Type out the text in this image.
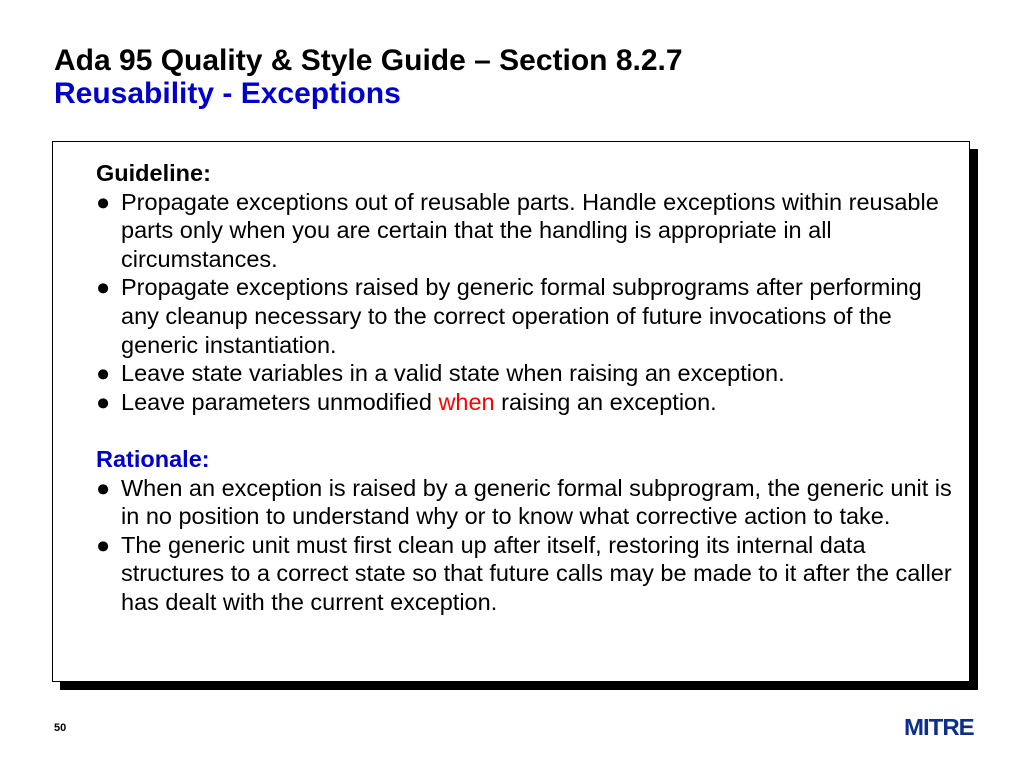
Ada 95 Quality & Style Guide – Section 8.2.7
Reusability - Exceptions
Guideline:
● Propagate exceptions out of reusable parts. Handle exceptions within reusable parts only when you are certain that the handling is appropriate in all circumstances.
● Propagate exceptions raised by generic formal subprograms after performing any cleanup necessary to the correct operation of future invocations of the generic instantiation.
● Leave state variables in a valid state when raising an exception.
● Leave parameters unmodified when raising an exception.
Rationale:
● When an exception is raised by a generic formal subprogram, the generic unit is in no position to understand why or to know what corrective action to take.
● The generic unit must first clean up after itself, restoring its internal data structures to a correct state so that future calls may be made to it after the caller has dealt with the current exception.
50	MITRE
